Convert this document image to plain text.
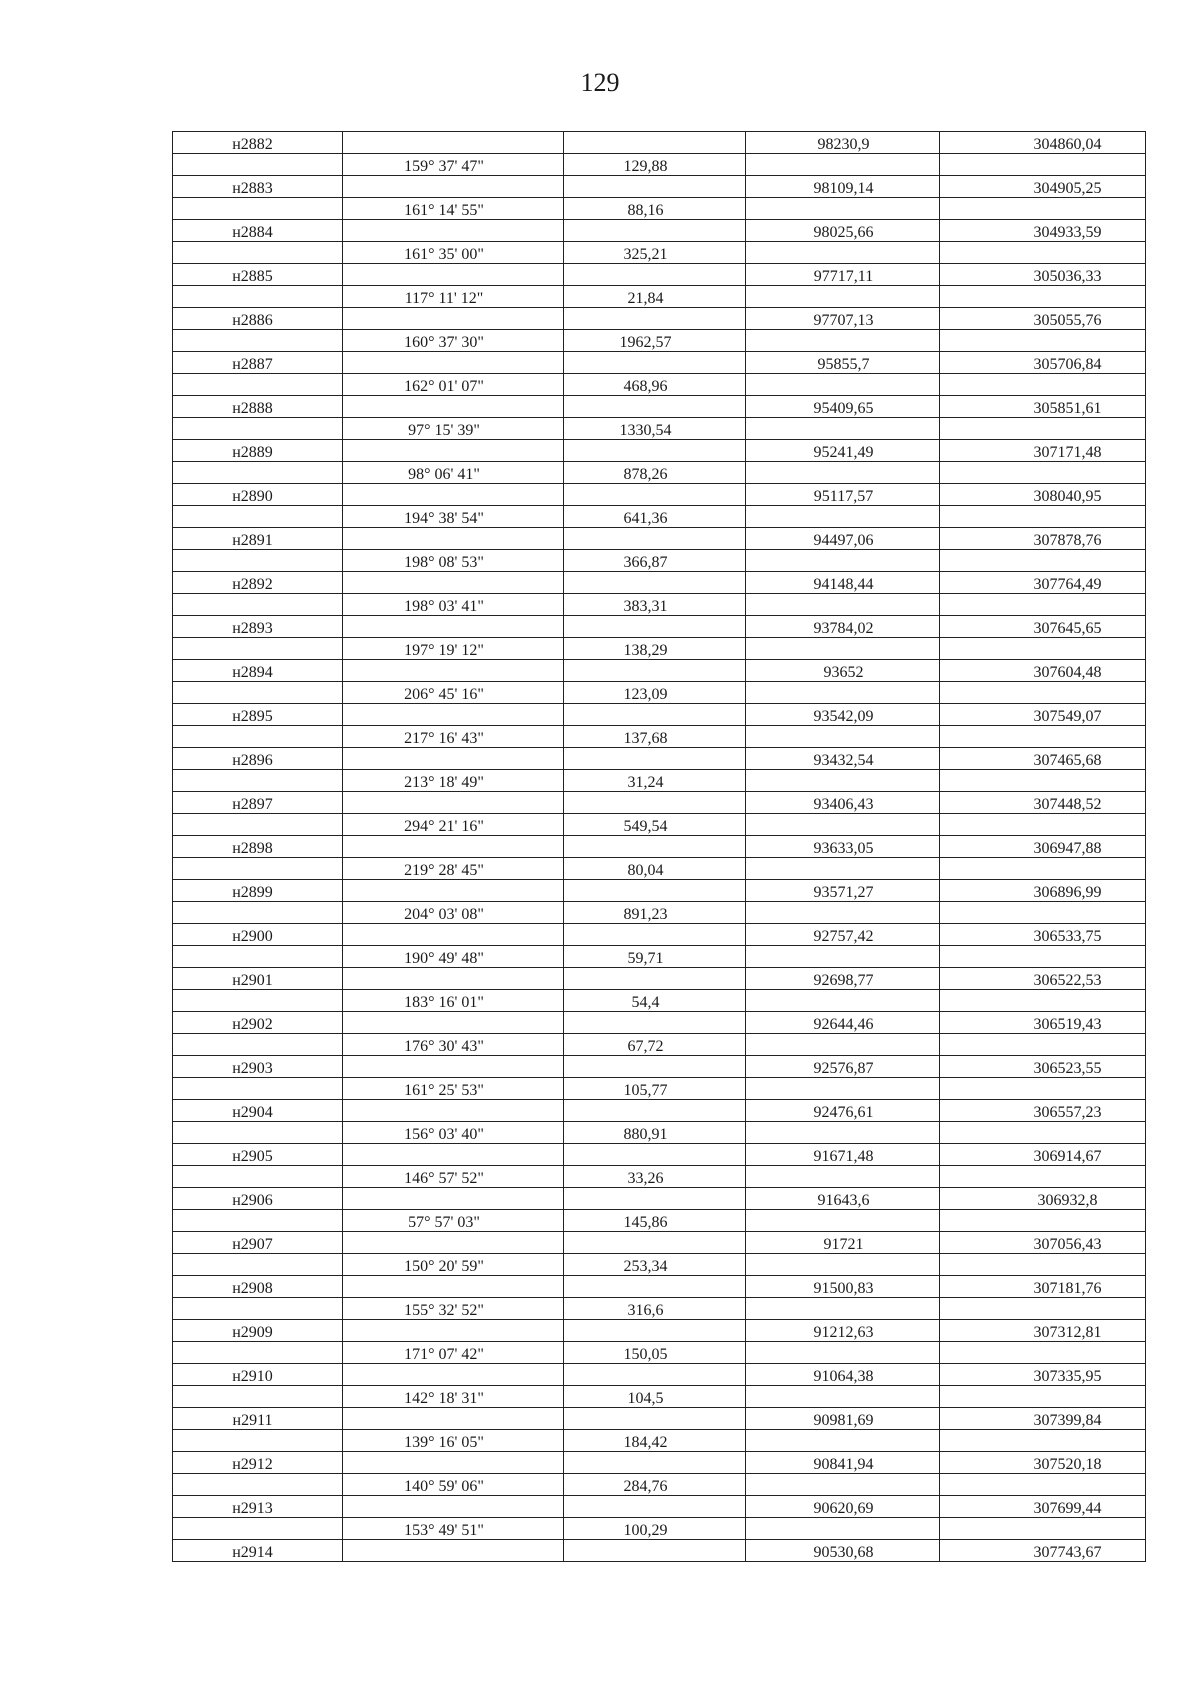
129
н2882			98230,9	304860,04
	159° 37' 47"	129,88		
н2883			98109,14	304905,25
	161° 14' 55"	88,16		
н2884			98025,66	304933,59
	161° 35' 00"	325,21		
н2885			97717,11	305036,33
	117° 11' 12"	21,84		
н2886			97707,13	305055,76
	160° 37' 30"	1962,57		
н2887			95855,7	305706,84
	162° 01' 07"	468,96		
н2888			95409,65	305851,61
	97° 15' 39"	1330,54		
н2889			95241,49	307171,48
	98° 06' 41"	878,26		
н2890			95117,57	308040,95
	194° 38' 54"	641,36		
н2891			94497,06	307878,76
	198° 08' 53"	366,87		
н2892			94148,44	307764,49
	198° 03' 41"	383,31		
н2893			93784,02	307645,65
	197° 19' 12"	138,29		
н2894			93652	307604,48
	206° 45' 16"	123,09		
н2895			93542,09	307549,07
	217° 16' 43"	137,68		
н2896			93432,54	307465,68
	213° 18' 49"	31,24		
н2897			93406,43	307448,52
	294° 21' 16"	549,54		
н2898			93633,05	306947,88
	219° 28' 45"	80,04		
н2899			93571,27	306896,99
	204° 03' 08"	891,23		
н2900			92757,42	306533,75
	190° 49' 48"	59,71		
н2901			92698,77	306522,53
	183° 16' 01"	54,4		
н2902			92644,46	306519,43
	176° 30' 43"	67,72		
н2903			92576,87	306523,55
	161° 25' 53"	105,77		
н2904			92476,61	306557,23
	156° 03' 40"	880,91		
н2905			91671,48	306914,67
	146° 57' 52"	33,26		
н2906			91643,6	306932,8
	57° 57' 03"	145,86		
н2907			91721	307056,43
	150° 20' 59"	253,34		
н2908			91500,83	307181,76
	155° 32' 52"	316,6		
н2909			91212,63	307312,81
	171° 07' 42"	150,05		
н2910			91064,38	307335,95
	142° 18' 31"	104,5		
н2911			90981,69	307399,84
	139° 16' 05"	184,42		
н2912			90841,94	307520,18
	140° 59' 06"	284,76		
н2913			90620,69	307699,44
	153° 49' 51"	100,29		
н2914			90530,68	307743,67
